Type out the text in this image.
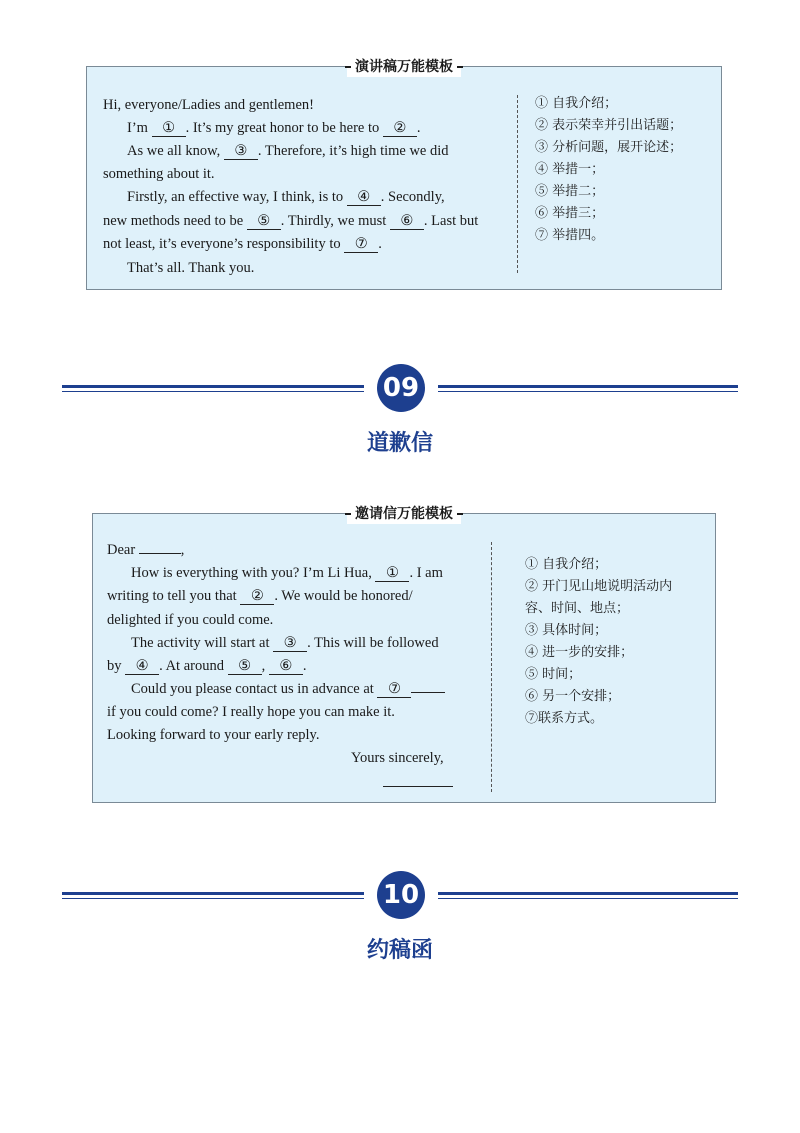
演讲稿万能模板
Hi, everyone/Ladies and gentlemen!
I’m ① . It’s my great honor to be here to ② .
As we all know, ③ . Therefore, it’s high time we did
something about it.
Firstly, an effective way, I think, is to ④ . Secondly,
new methods need to be ⑤ . Thirdly, we must ⑥ . Last but
not least, it’s everyone’s responsibility to ⑦ .
That’s all. Thank you.
① 自我介绍；
② 表示荣幸并引出话题；
③ 分析问题，展开论述；
④ 举措一；
⑤ 举措二；
⑥ 举措三；
⑦ 举措四。
09
道歉信
邀请信万能模板
Dear	,
How is everything with you? I’m Li Hua, ① . I am
writing to tell you that ② . We would be honored/
delighted if you could come.
The activity will start at ③ . This will be followed
by ④ . At around ⑤ , ⑥ .
Could you please contact us in advance at ⑦
if you could come? I really hope you can make it.
Looking forward to your early reply.
Yours sincerely,
① 自我介绍；
② 开门见山地说明活动内
容、时间、地点；
③ 具体时间；
④ 进一步的安排；
⑤ 时间；
⑥ 另一个安排；
⑦联系方式。
10
约稿函
